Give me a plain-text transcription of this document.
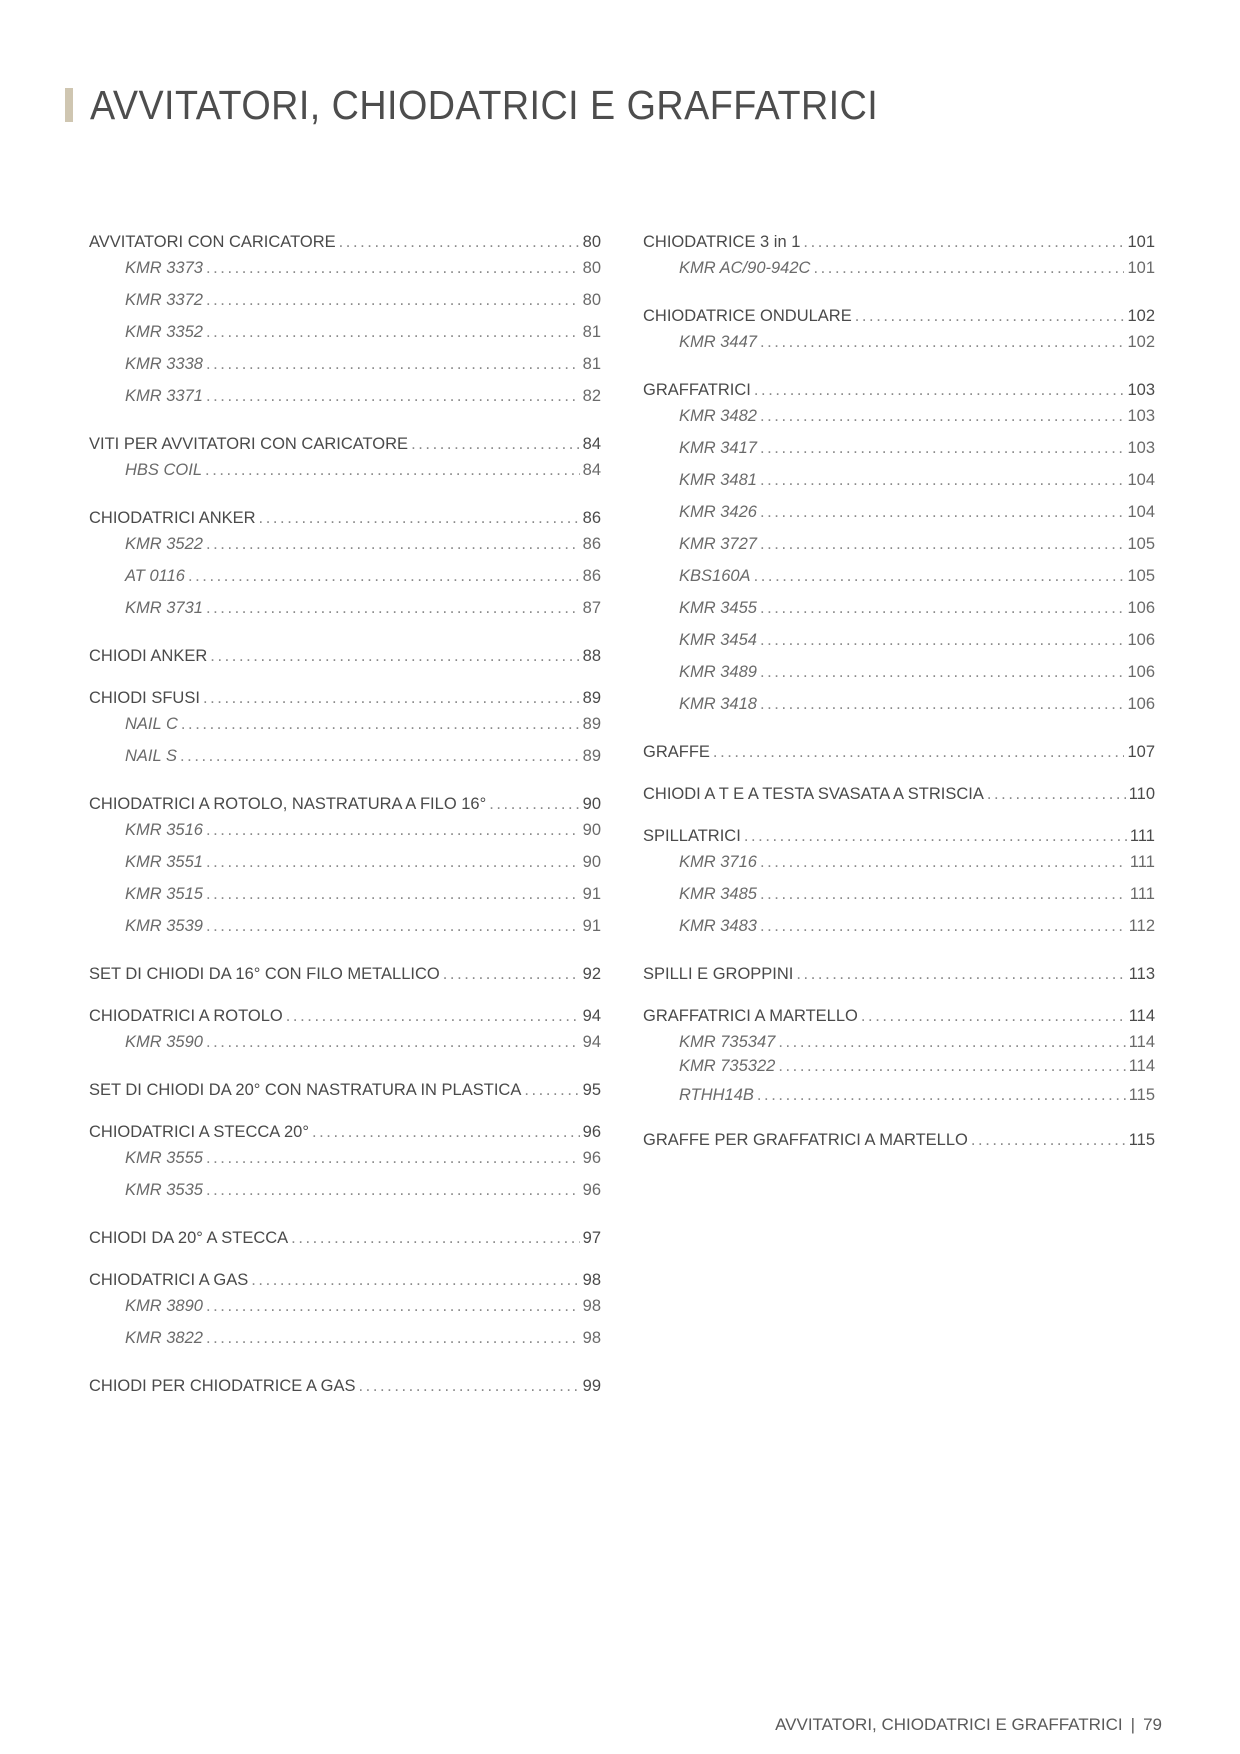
AVVITATORI, CHIODATRICI E GRAFFATRICI
AVVITATORI CON CARICATORE . . .	80
KMR 3373 . . .	80
KMR 3372 . . .	80
KMR 3352 . . .	81
KMR 3338 . . .	81
KMR 3371 . . .	82
VITI PER AVVITATORI CON CARICATORE . . .	84
HBS COIL . . .	84
CHIODATRICI ANKER . . .	86
KMR 3522 . . .	86
AT 0116 . . .	86
KMR 3731 . . .	87
CHIODI ANKER . . .	88
CHIODI SFUSI . . .	89
NAIL C . . .	89
NAIL S . . .	89
CHIODATRICI A ROTOLO, NASTRATURA A FILO 16° . . .	90
KMR 3516 . . .	90
KMR 3551 . . .	90
KMR 3515 . . .	91
KMR 3539 . . .	91
SET DI CHIODI DA 16° CON FILO METALLICO . . .	92
CHIODATRICI A ROTOLO . . .	94
KMR 3590 . . .	94
SET DI CHIODI DA 20° CON NASTRATURA IN PLASTICA . . .	95
CHIODATRICI A STECCA 20° . . .	96
KMR 3555 . . .	96
KMR 3535 . . .	96
CHIODI DA 20° A STECCA . . .	97
CHIODATRICI A GAS . . .	98
KMR 3890 . . .	98
KMR 3822 . . .	98
CHIODI PER CHIODATRICE A GAS . . .	99
CHIODATRICE 3 in 1 . . .	101
KMR AC/90-942C . . .	101
CHIODATRICE ONDULARE . . .	102
KMR 3447 . . .	102
GRAFFATRICI . . .	103
KMR 3482 . . .	103
KMR 3417 . . .	103
KMR 3481 . . .	104
KMR 3426 . . .	104
KMR 3727 . . .	105
KBS160A . . .	105
KMR 3455 . . .	106
KMR 3454 . . .	106
KMR 3489 . . .	106
KMR 3418 . . .	106
GRAFFE . . .	107
CHIODI A T E A TESTA SVASATA A STRISCIA . . .	110
SPILLATRICI . . .	111
KMR 3716 . . .	111
KMR 3485 . . .	111
KMR 3483 . . .	112
SPILLI E GROPPINI . . .	113
GRAFFATRICI A MARTELLO . . .	114
KMR 735347 . . .	114
KMR 735322 . . .	114
RTHH14B . . .	115
GRAFFE PER GRAFFATRICI A MARTELLO . . .	115
AVVITATORI, CHIODATRICI E GRAFFATRICI | 79
